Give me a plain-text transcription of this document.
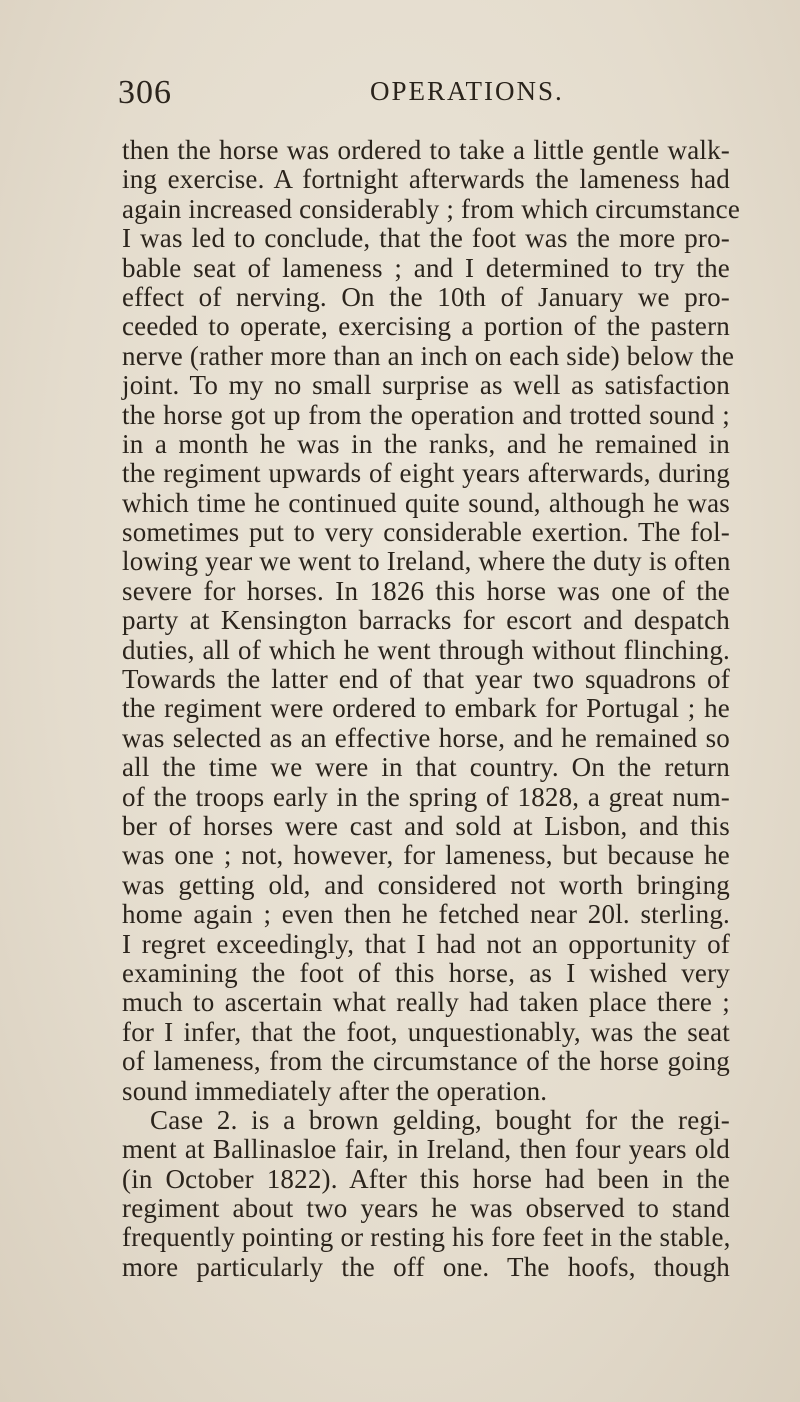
306	OPERATIONS.
then the horse was ordered to take a little gentle walk-
ing exercise. A fortnight afterwards the lameness had
again increased considerably ; from which circumstance
I was led to conclude, that the foot was the more pro-
bable seat of lameness ; and I determined to try the
effect of nerving. On the 10th of January we pro-
ceeded to operate, exercising a portion of the pastern
nerve (rather more than an inch on each side) below the
joint. To my no small surprise as well as satisfaction
the horse got up from the operation and trotted sound ;
in a month he was in the ranks, and he remained in
the regiment upwards of eight years afterwards, during
which time he continued quite sound, although he was
sometimes put to very considerable exertion. The fol-
lowing year we went to Ireland, where the duty is often
severe for horses. In 1826 this horse was one of the
party at Kensington barracks for escort and despatch
duties, all of which he went through without flinching.
Towards the latter end of that year two squadrons of
the regiment were ordered to embark for Portugal ; he
was selected as an effective horse, and he remained so
all the time we were in that country. On the return
of the troops early in the spring of 1828, a great num-
ber of horses were cast and sold at Lisbon, and this
was one ; not, however, for lameness, but because he
was getting old, and considered not worth bringing
home again ; even then he fetched near 20l. sterling.
I regret exceedingly, that I had not an opportunity of
examining the foot of this horse, as I wished very
much to ascertain what really had taken place there ;
for I infer, that the foot, unquestionably, was the seat
of lameness, from the circumstance of the horse going
sound immediately after the operation.
Case 2. is a brown gelding, bought for the regi-
ment at Ballinasloe fair, in Ireland, then four years old
(in October 1822). After this horse had been in the
regiment about two years he was observed to stand
frequently pointing or resting his fore feet in the stable,
more particularly the off one. The hoofs, though
